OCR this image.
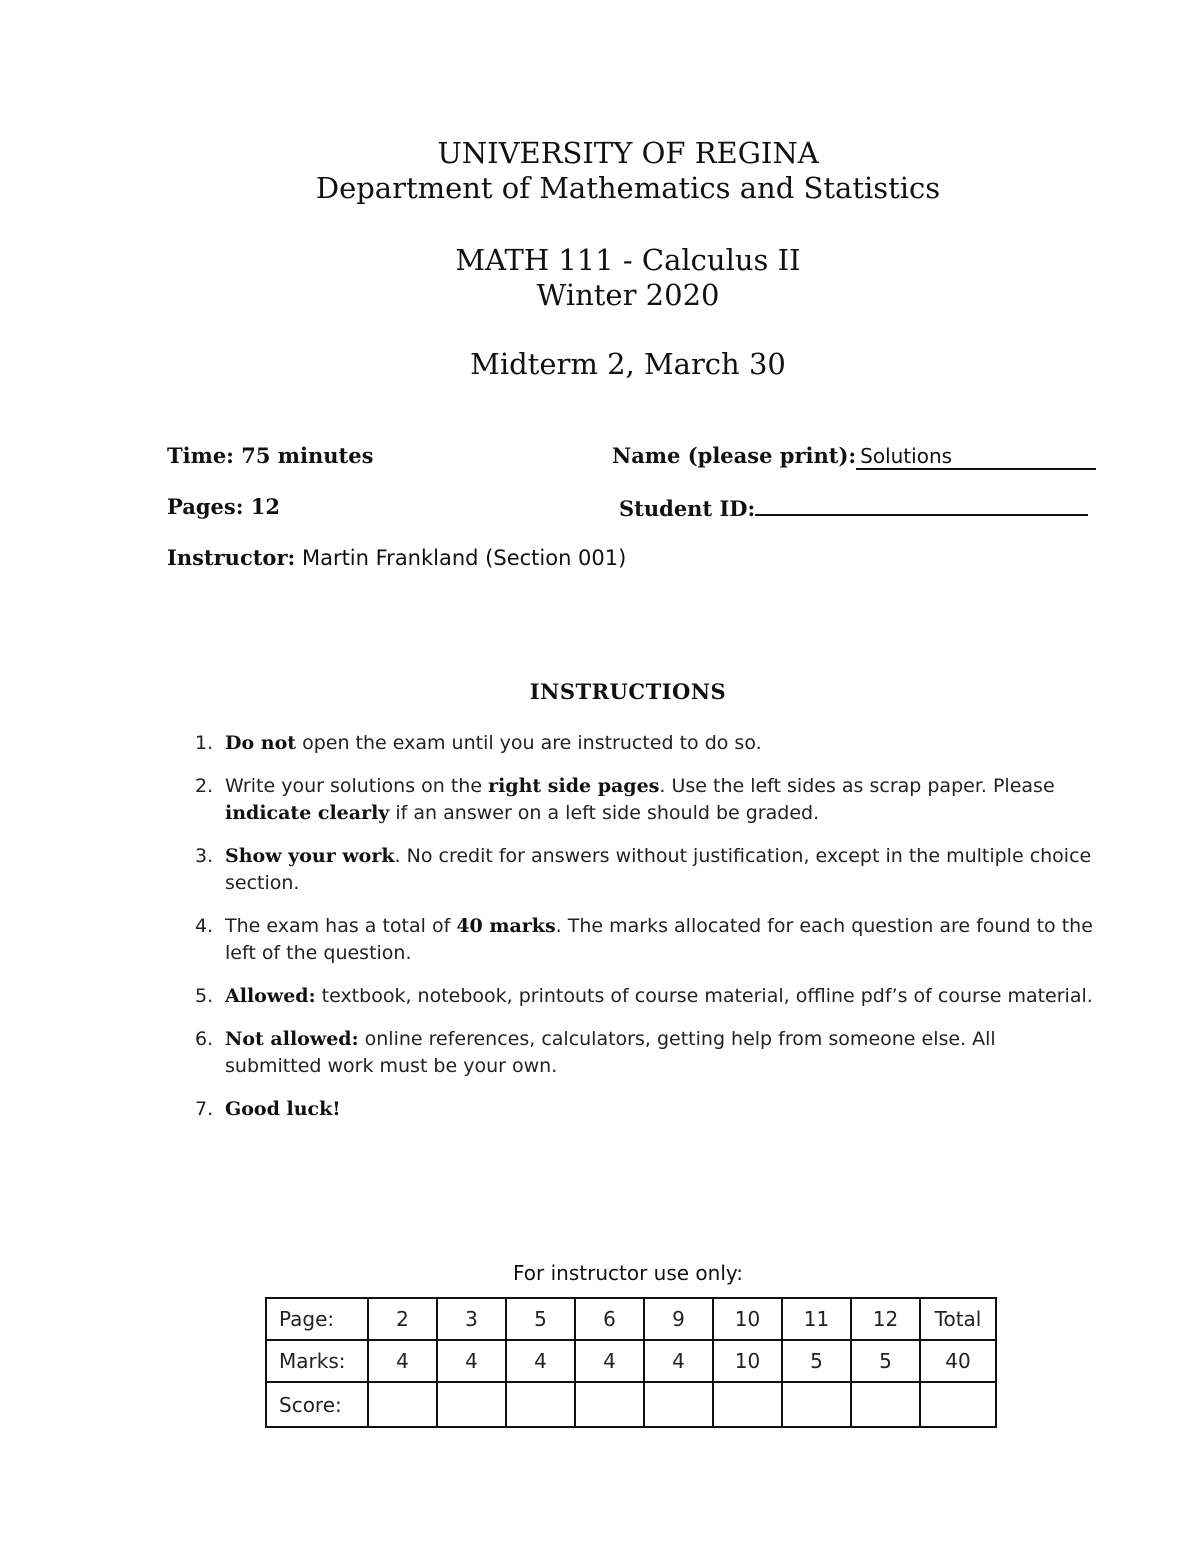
UNIVERSITY OF REGINA
Department of Mathematics and Statistics
MATH 111 - Calculus II
Winter 2020
Midterm 2, March 30
Time: 75 minutes	Name (please print): Solutions
Pages: 12	Student ID:
Instructor: Martin Frankland (Section 001)
INSTRUCTIONS
1. Do not open the exam until you are instructed to do so.
2. Write your solutions on the right side pages. Use the left sides as scrap paper. Please indicate clearly if an answer on a left side should be graded.
3. Show your work. No credit for answers without justification, except in the multiple choice section.
4. The exam has a total of 40 marks. The marks allocated for each question are found to the left of the question.
5. Allowed: textbook, notebook, printouts of course material, offline pdf’s of course material.
6. Not allowed: online references, calculators, getting help from someone else. All submitted work must be your own.
7. Good luck!
For instructor use only:
Page:	2	3	5	6	9	10	11	12	Total
Marks:	4	4	4	4	4	10	5	5	40
Score:									
